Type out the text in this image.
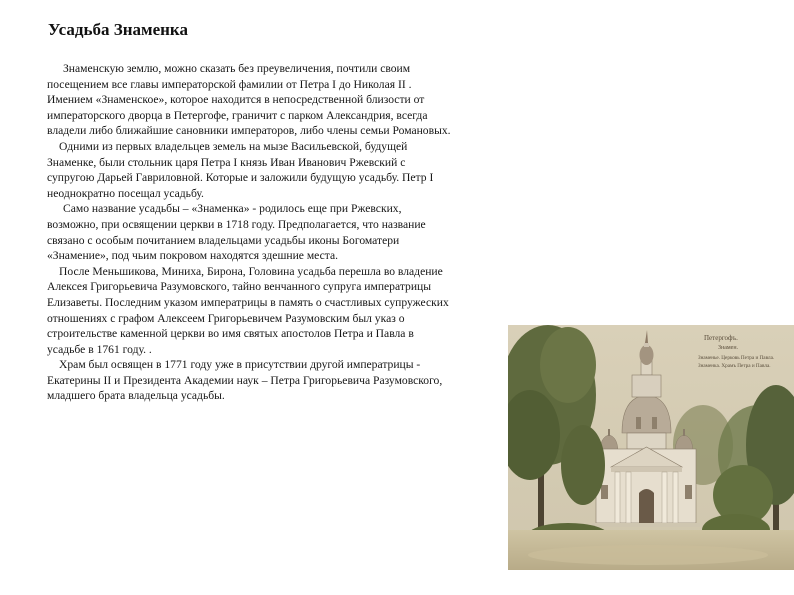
Усадьба Знаменка
Знаменскую землю, можно сказать без преувеличения, почтили своим
посещением все главы императорской фамилии от Петра I до Николая II .
Имением «Знаменское», которое находится в непосредственной близости от
императорского дворца в Петергофе, граничит с парком Александрия, всегда
владели либо ближайшие сановники императоров, либо члены семьи Романовых.
Одними из первых владельцев земель на мызе Васильевской, будущей
Знаменке, были стольник царя Петра I князь Иван Иванович Ржевский с
супругою Дарьей Гавриловной. Которые и заложили будущую усадьбу. Петр I
неоднократно посещал усадьбу.
Само название усадьбы – «Знаменка» - родилось еще при Ржевских,
возможно, при освящении церкви в 1718 году. Предполагается, что название
связано с особым почитанием владельцами усадьбы иконы Богоматери
«Знамение», под чьим покровом находятся здешние места.
После Меньшикова, Миниха, Бирона, Головина усадьба перешла во владение
Алексея Григорьевича Разумовского, тайно венчанного супруга императрицы
Елизаветы. Последним указом императрицы в память о счастливых супружеских
отношениях с графом Алексеем Григорьевичем Разумовским был указ о
строительстве каменной церкви во имя святых апостолов Петра и Павла в
усадьбе в 1761 году. .
Храм был освящен в 1771 году уже в присутствии другой императрицы -
Екатерины II и Президента Академии наук – Петра Григорьевича Разумовского,
младшего брата владельца усадьбы.
Петергофъ.
Знамен.
Знаменье. Церковь Петра и Павла.
Знаменка. Храмъ Петра и Павла.
